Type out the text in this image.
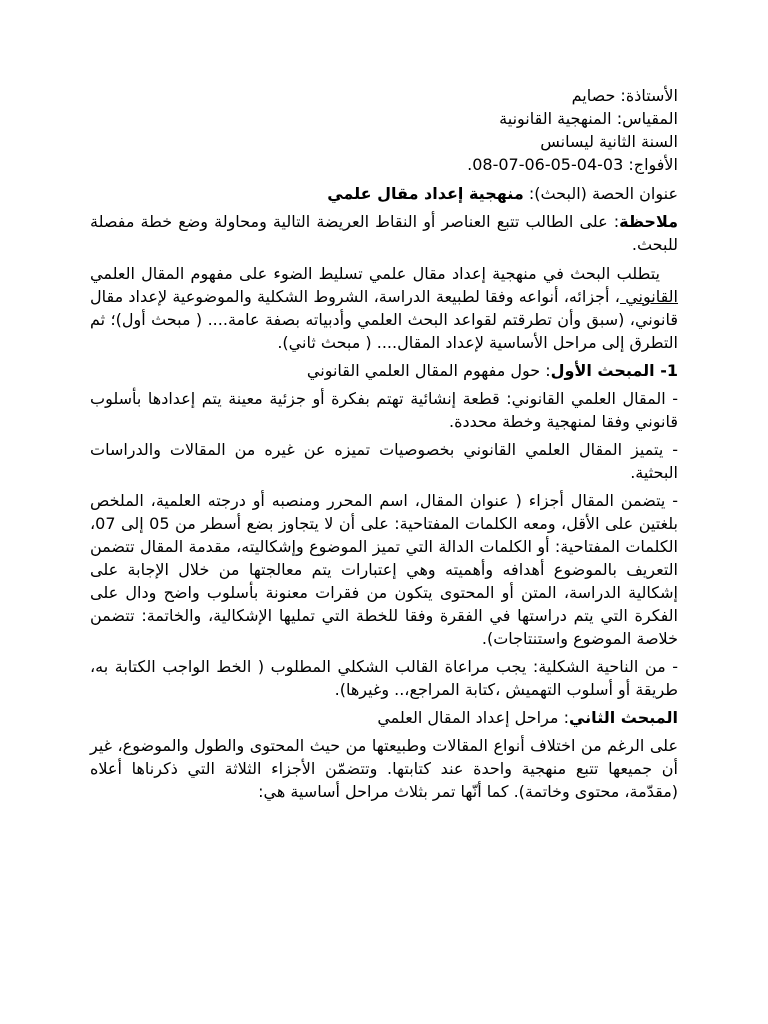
الأستاذة: حصايم
المقياس: المنهجية القانونية
السنة الثانية ليسانس
الأفواج: 03-04-05-06-07-08.

عنوان الحصة (البحث): منهجية إعداد مقال علمي

ملاحظة: على الطالب تتبع العناصر أو النقاط العريضة التالية ومحاولة وضع خطة مفصلة للبحث.

يتطلب البحث في منهجية إعداد مقال علمي تسليط الضوء على مفهوم المقال العلمي القانوني ، أجزائه، أنواعه وفقا لطبيعة الدراسة، الشروط الشكلية والموضوعية لإعداد مقال قانوني، (سبق وأن تطرقتم لقواعد البحث العلمي وأدبياته بصفة عامة.... ( مبحث أول)؛ ثم التطرق إلى مراحل الأساسية لإعداد المقال.... ( مبحث ثاني).

1- المبحث الأول: حول مفهوم المقال العلمي القانوني

- المقال العلمي القانوني: قطعة إنشائية تهتم بفكرة أو جزئية معينة يتم إعدادها بأسلوب قانوني وفقا لمنهجية وخطة محددة.

- يتميز المقال العلمي القانوني بخصوصيات تميزه عن غيره من المقالات والدراسات البحثية.

- يتضمن المقال أجزاء ( عنوان المقال، اسم المحرر ومنصبه أو درجته العلمية، الملخص بلغتين على الأقل، ومعه الكلمات المفتاحية: على أن لا يتجاوز بضع أسطر من 05 إلى 07، الكلمات المفتاحية: أو الكلمات الدالة التي تميز الموضوع وإشكاليته، مقدمة المقال تتضمن التعريف بالموضوع أهدافه وأهميته وهي إعتبارات يتم معالجتها من خلال الإجابة على إشكالية الدراسة، المتن أو المحتوى يتكون من فقرات معنونة بأسلوب واضح ودال على الفكرة التي يتم دراستها في الفقرة وفقا للخطة التي تمليها الإشكالية، والخاتمة: تتضمن خلاصة الموضوع واستنتاجات).

- من الناحية الشكلية: يجب مراعاة القالب الشكلي المطلوب ( الخط الواجب الكتابة به، طريقة أو أسلوب التهميش ،كتابة المراجع،.. وغيرها).

المبحث الثاني: مراحل إعداد المقال العلمي

على الرغم من اختلاف أنواع المقالات وطبيعتها من حيث المحتوى والطول والموضوع، غير أن جميعها تتبع منهجية واحدة عند كتابتها. وتتضمّن الأجزاء الثلاثة التي ذكرناها أعلاه (مقدّمة، محتوى وخاتمة). كما أنّها تمر بثلاث مراحل أساسية هي:
